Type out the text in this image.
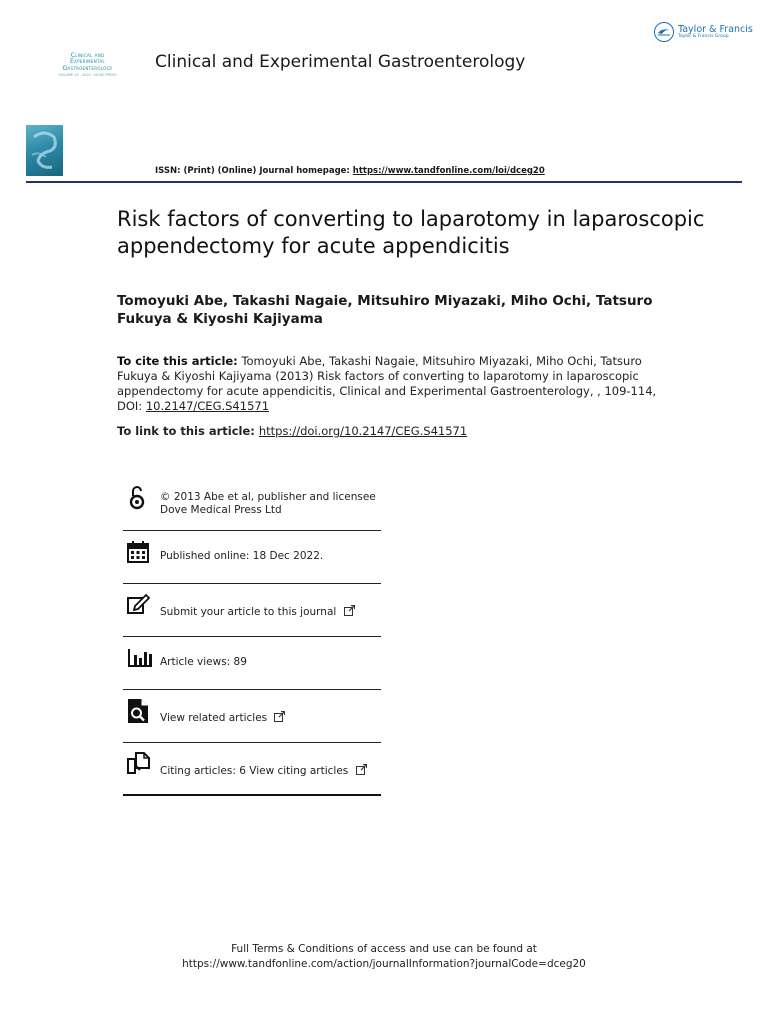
Taylor & Francis
Taylor & Francis Group
Clinical and
Experimental
Gastroenterology
VOLUME 15 · 2022 · DOVE PRESS
Clinical and Experimental Gastroenterology
ISSN: (Print) (Online) Journal homepage: https://www.tandfonline.com/loi/dceg20
Risk factors of converting to laparotomy in laparoscopic appendectomy for acute appendicitis
Tomoyuki Abe, Takashi Nagaie, Mitsuhiro Miyazaki, Miho Ochi, Tatsuro Fukuya & Kiyoshi Kajiyama
To cite this article: Tomoyuki Abe, Takashi Nagaie, Mitsuhiro Miyazaki, Miho Ochi, Tatsuro Fukuya & Kiyoshi Kajiyama (2013) Risk factors of converting to laparotomy in laparoscopic appendectomy for acute appendicitis, Clinical and Experimental Gastroenterology, , 109-114, DOI: 10.2147/CEG.S41571
To link to this article: https://doi.org/10.2147/CEG.S41571
© 2013 Abe et al, publisher and licensee
Dove Medical Press Ltd
Published online: 18 Dec 2022.
Submit your article to this journal
Article views: 89
View related articles
Citing articles: 6 View citing articles
Full Terms & Conditions of access and use can be found at
https://www.tandfonline.com/action/journalInformation?journalCode=dceg20
